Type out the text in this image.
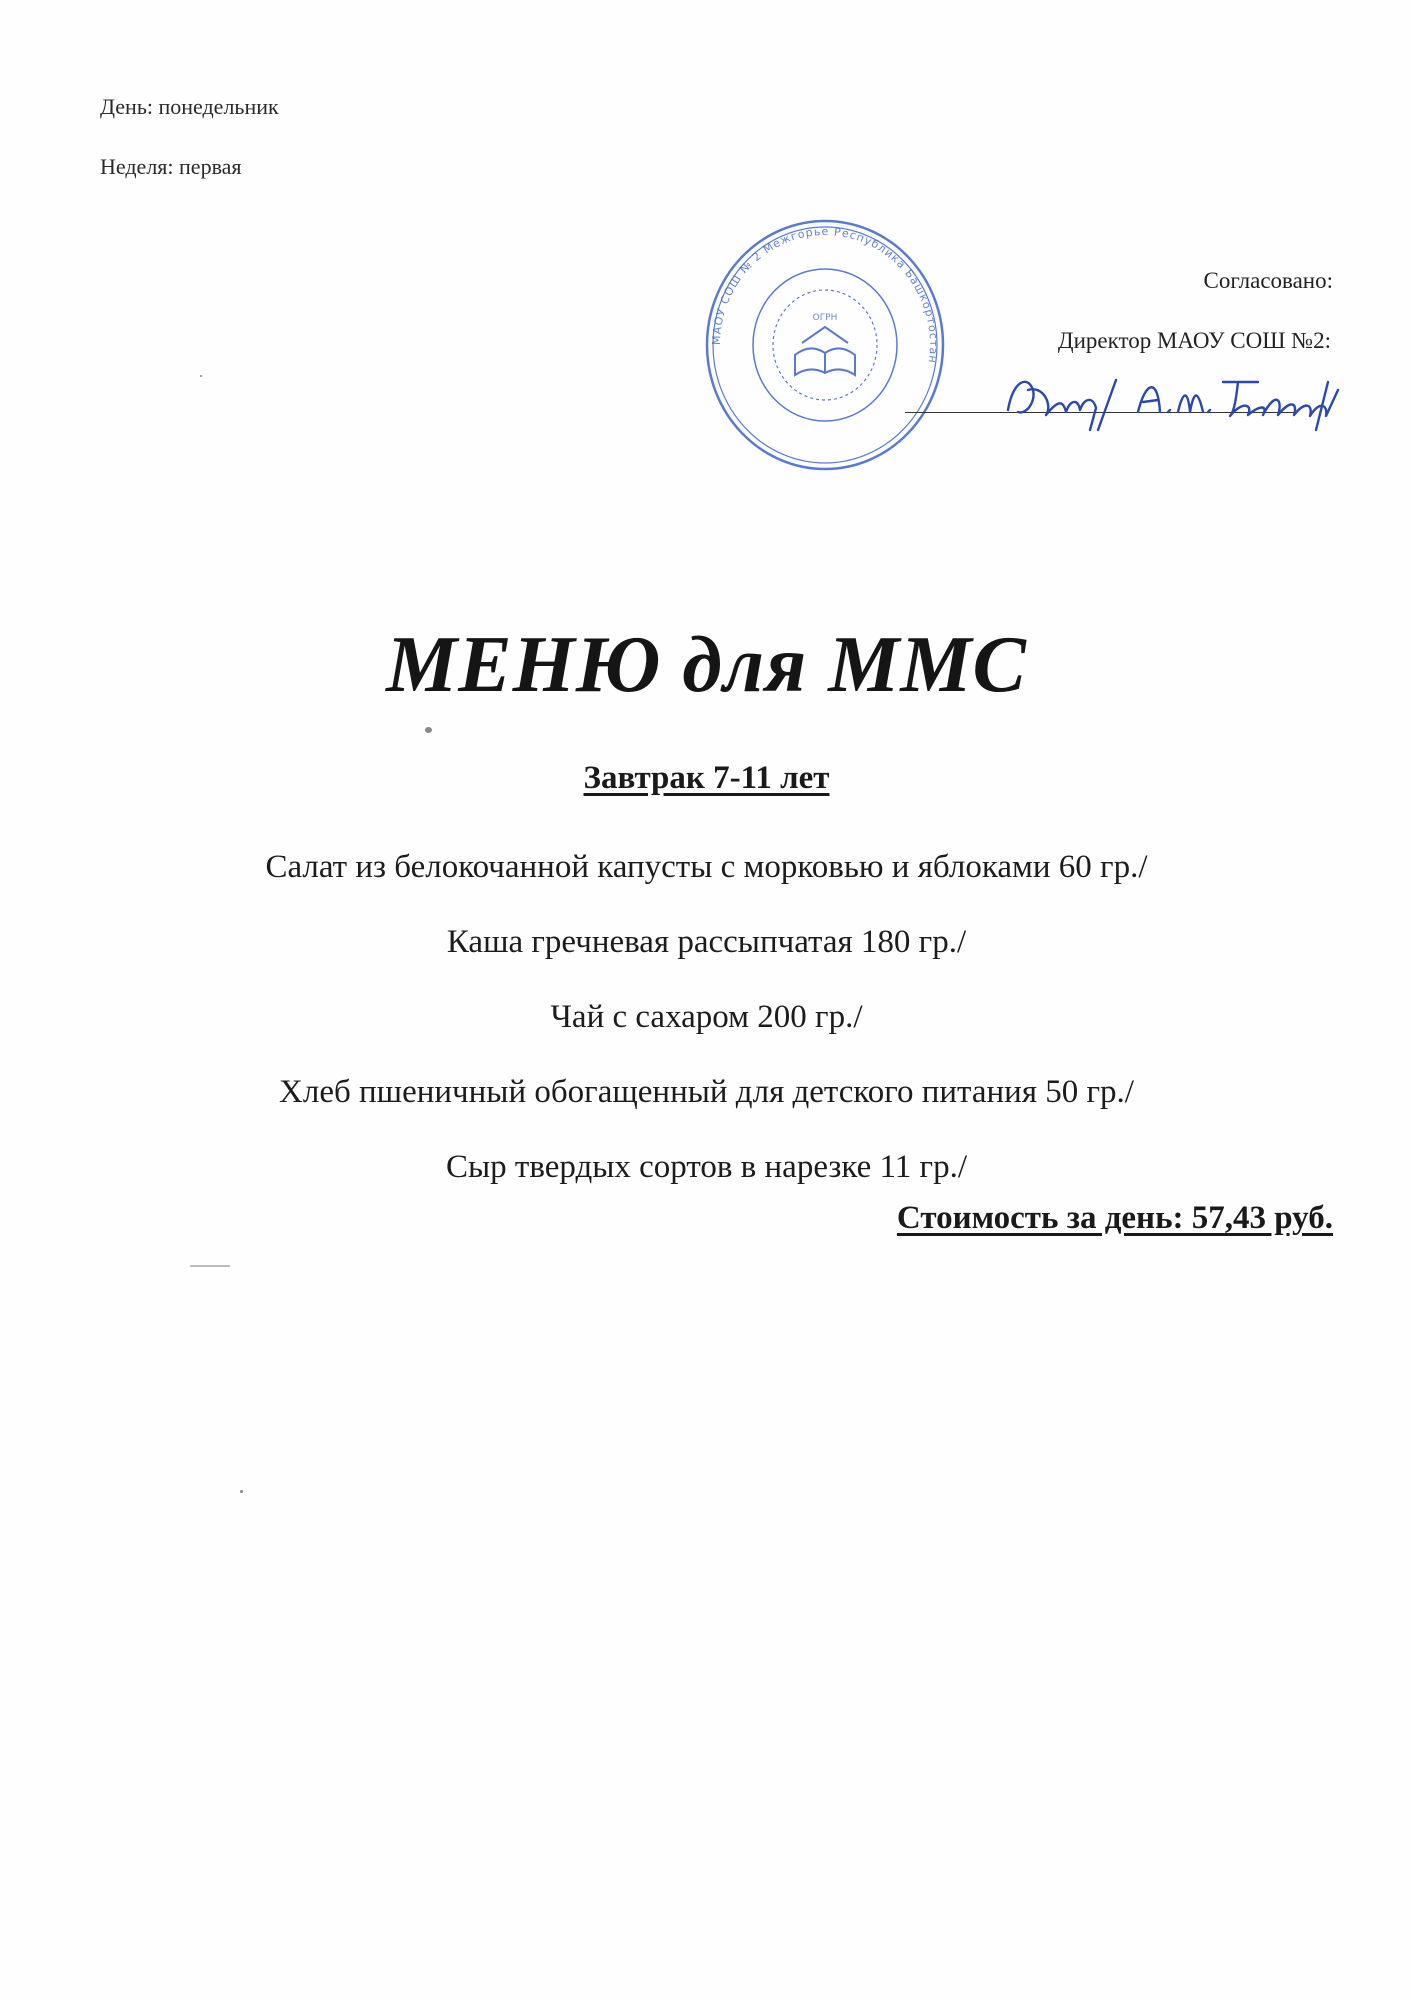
День: понедельник
Неделя: первая
МАОУ СОШ № 2 Межгорье Республика Башкортостан
ОГРН
Согласовано:
Директор МАОУ СОШ №2:
МЕНЮ для ММС
Завтрак 7-11 лет
Салат из белокочанной капусты с морковью и яблоками 60 гр./
Каша гречневая рассыпчатая 180 гр./
Чай с сахаром 200 гр./
Хлеб пшеничный обогащенный для детского питания 50 гр./
Сыр твердых сортов в нарезке 11 гр./
Стоимость за день: 57,43 руб.
